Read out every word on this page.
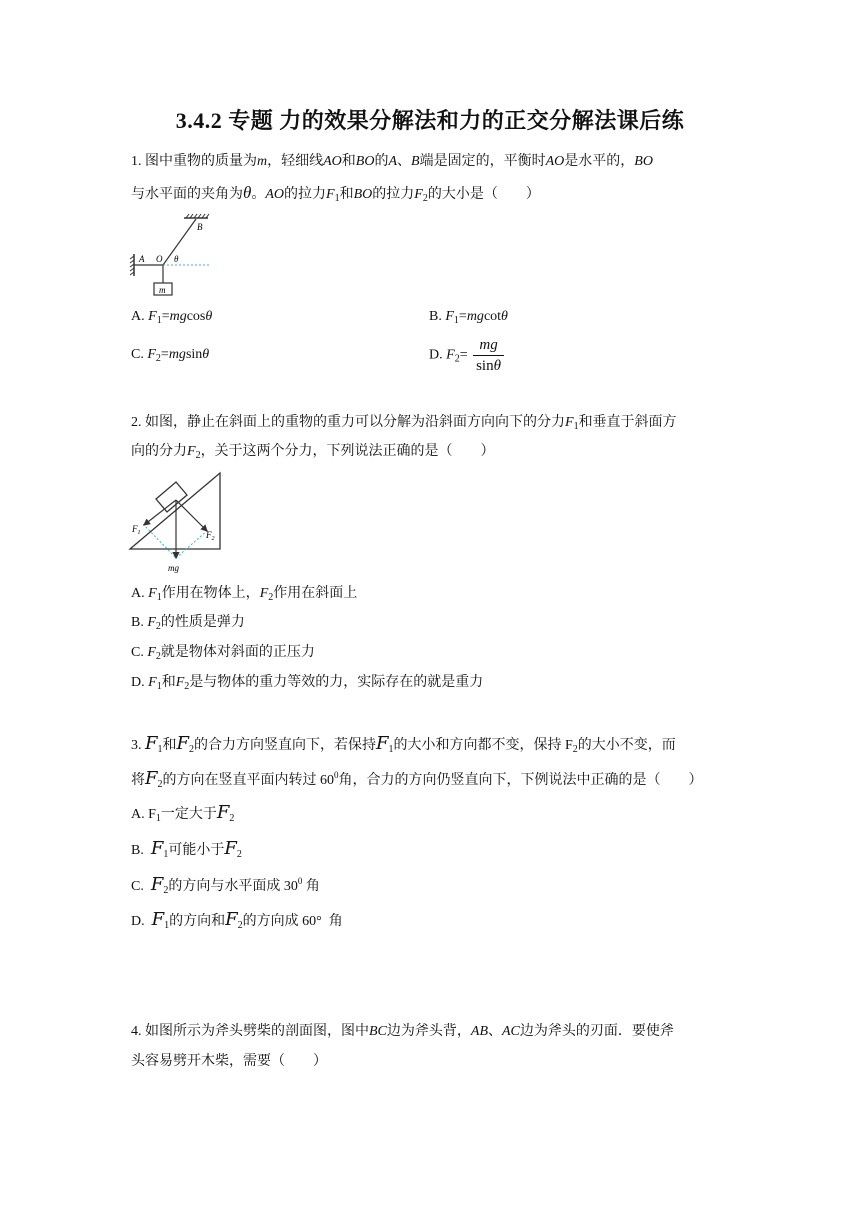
3.4.2 专题 力的效果分解法和力的正交分解法课后练
1. 图中重物的质量为m，轻细线AO和BO的A、B端是固定的，平衡时AO是水平的，BO
与水平面的夹角为θ。AO的拉力$F_1$和BO的拉力$F_2$的大小是（　　）
B
A O θ
m
A. $F_1=mgcos\theta$	B. $F_1=mgcot\theta$
C. $F_2=mgsin\theta$	D. $F_2= \frac{mg}{\sin\theta}$
2. 如图，静止在斜面上的重物的重力可以分解为沿斜面方向向下的分力$F_1$和垂直于斜面方
向的分力$F_2$，关于这两个分力，下列说法正确的是（　　）
$F_1$	$F_2$
mg
A. $F_1$作用在物体上，$F_2$作用在斜面上
B. $F_2$的性质是弹力
C. $F_2$就是物体对斜面的正压力
D. $F_1$和$F_2$是与物体的重力等效的力，实际存在的就是重力
3. $F_1$和$F_2$的合力方向竖直向下，若保持$F_1$的大小和方向都不变，保持 $F_2$的大小不变，而
将$F_2$的方向在竖直平面内转过 $60^0$角，合力的方向仍竖直向下，下例说法中正确的是（　　）
A. $F_1$一定大于$F_2$
B.  $F_1$可能小于$F_2$
C.  $F_2$的方向与水平面成 $30^0$ 角
D.  $F_1$的方向和$F_2$的方向成 60°  角
4. 如图所示为斧头劈柴的剖面图，图中BC边为斧头背，AB、AC边为斧头的刃面．要使斧
头容易劈开木柴，需要（　　）
